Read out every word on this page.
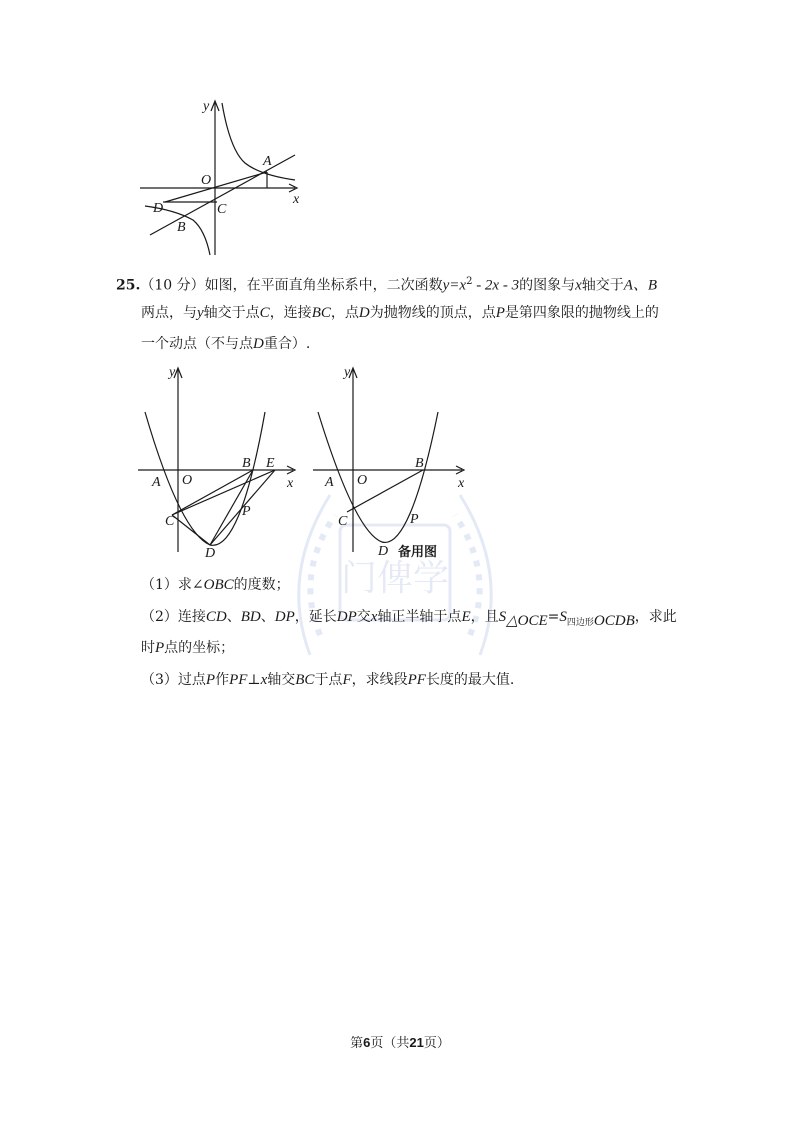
门俾学
y
O
A
x
D	C
B
25.（10 分）如图，在平面直角坐标系中，二次函数$y=x^2 - 2x - 3$的图象与x轴交于A、B
两点，与y轴交于点C，连接BC，点D为抛物线的顶点，点P是第四象限的抛物线上的
一个动点（不与点D重合）.
y
O
A
B E
x
C
P
D
y
O
A
B
x
C	P
D 备用图
（1）求∠OBC的度数；
（2）连接CD、BD、DP，延长DP交x轴正半轴于点E，且$S_{\triangle OCE}=S_{四边形OCDB}$，求此
时P点的坐标；
（3）过点P作PF⊥x轴交BC于点F，求线段PF长度的最大值.
第6页（共21页）
